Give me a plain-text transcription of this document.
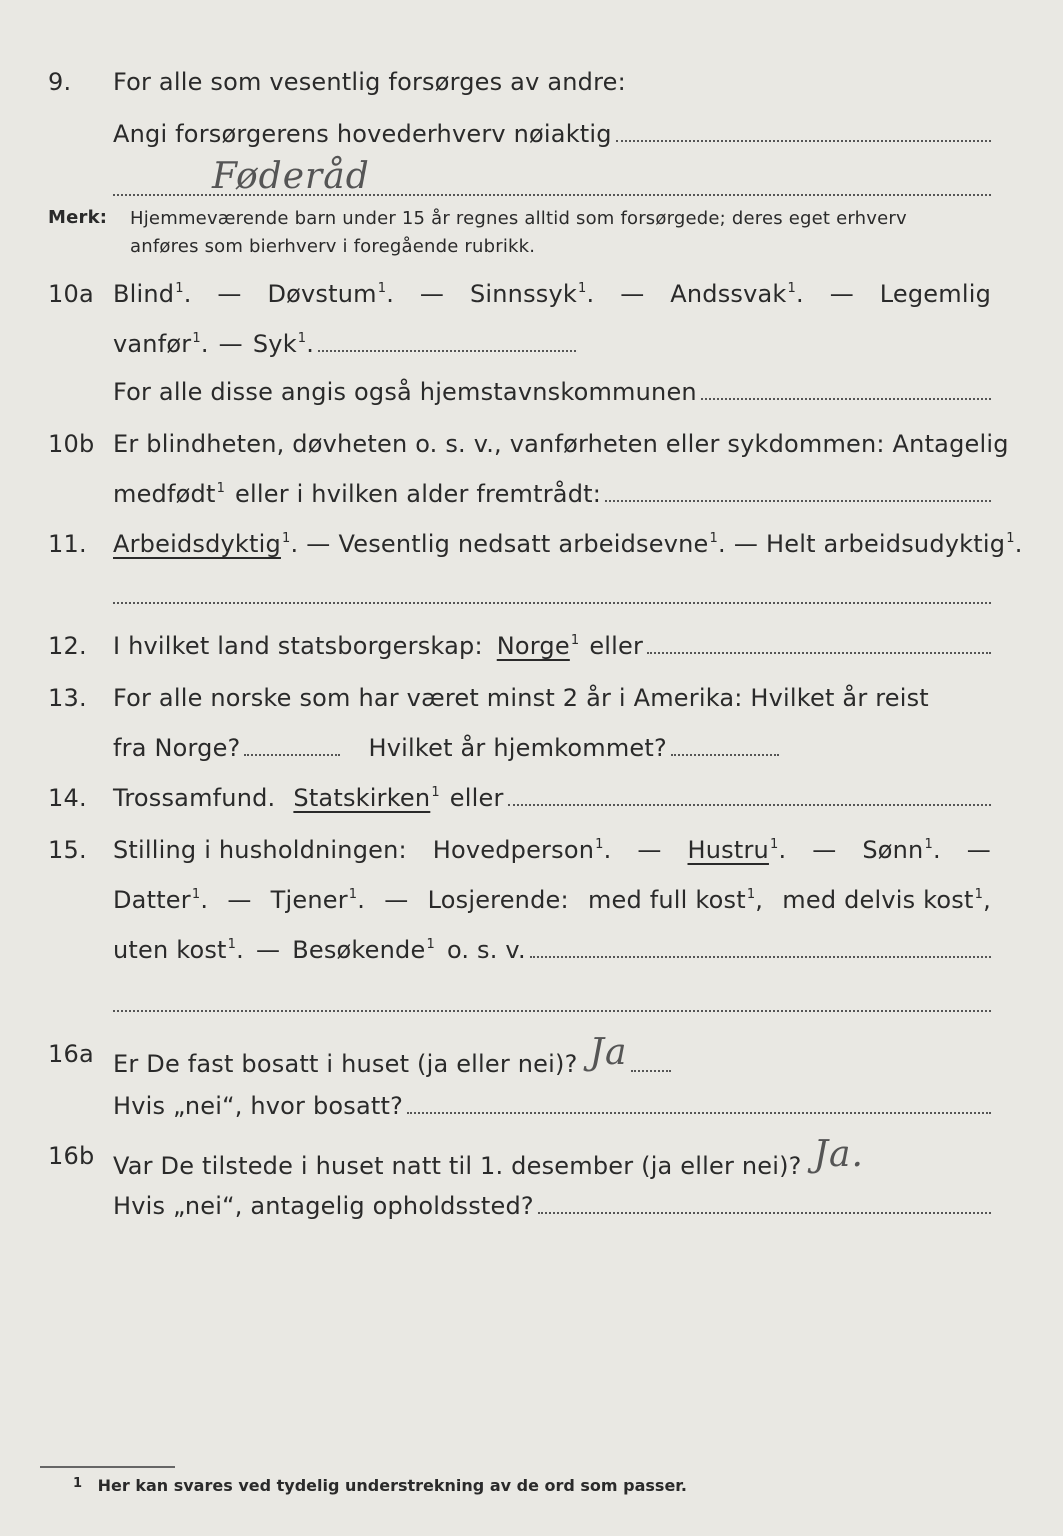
9. For alle som vesentlig forsørges av andre:
Angi forsørgerens hovederhverv nøiaktig
Føderåd
Merk: Hjemmeværende barn under 15 år regnes alltid som forsørgede; deres eget erhverv
anføres som bierhverv i foregående rubrikk.
10a Blind$^1$. — Døvstum$^1$. — Sinnssyk$^1$. — Andssvak$^1$. — Legemlig
vanfør$^1$. — Syk$^1$.
For alle disse angis også hjemstavnskommunen
10b Er blindheten, døvheten o. s. v., vanførheten eller sykdommen: Antagelig
medfødt 1 eller i hvilken alder fremtrådt:
11. Arbeidsdyktig 1 . — Vesentlig nedsatt arbeidsevne 1 . — Helt arbeidsudyktig 1 .
12. I hvilket land statsborgerskap: Norge 1 eller
13. For alle norske som har været minst 2 år i Amerika: Hvilket år reist
fra Norge?	Hvilket år hjemkommet?
14. Trossamfund. Statskirken 1 eller
15. Stilling i husholdningen: Hovedperson$^1$. — Hustru$^1$. — Sønn$^1$. —
Datter$^1$. — Tjener$^1$. — Losjerende: med full kost$^1$, med delvis kost$^1$,
uten kost$^1$. — Besøkende$^1$ o. s. v.
16a Er De fast bosatt i huset (ja eller nei)? Ja
Hvis „nei“, hvor bosatt?
16b Var De tilstede i huset natt til 1. desember (ja eller nei)? Ja.
Hvis „nei“, antagelig opholdssted?
$^1$ Her kan svares ved tydelig understrekning av de ord som passer.
